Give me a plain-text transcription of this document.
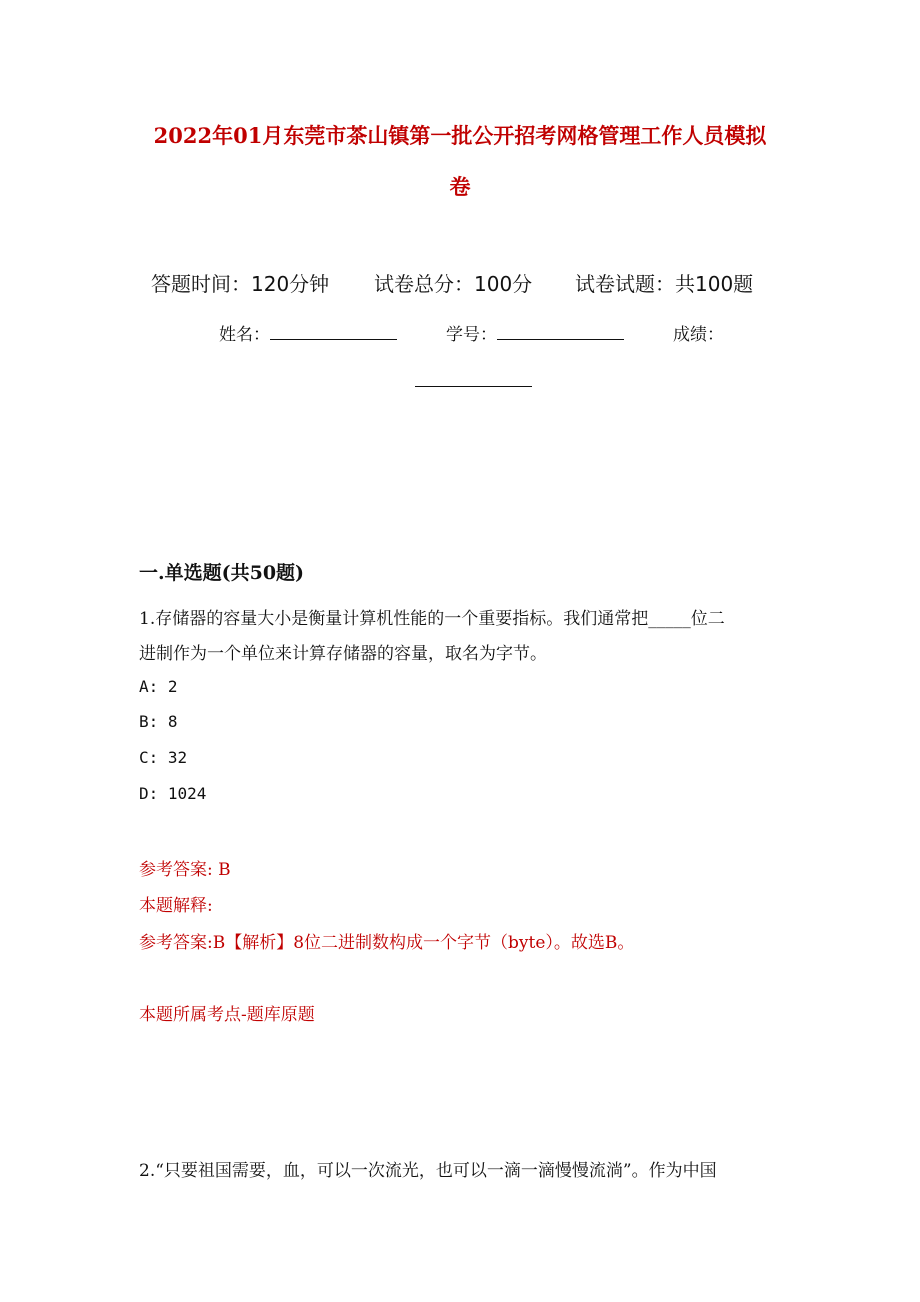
2022年01月东莞市茶山镇第一批公开招考网格管理工作人员模拟
卷
答题时间：120分钟 试卷总分：100分 试卷试题：共100题
姓名：	学号：	成绩：
一.单选题(共50题)
1.存储器的容量大小是衡量计算机性能的一个重要指标。我们通常把_____位二
进制作为一个单位来计算存储器的容量，取名为字节。
A: 2
B: 8
C: 32
D: 1024
参考答案: B
本题解释:
参考答案:B【解析】8位二进制数构成一个字节（byte）。故选B。
本题所属考点-题库原题
2.“只要祖国需要，血，可以一次流光，也可以一滴一滴慢慢流淌”。作为中国
